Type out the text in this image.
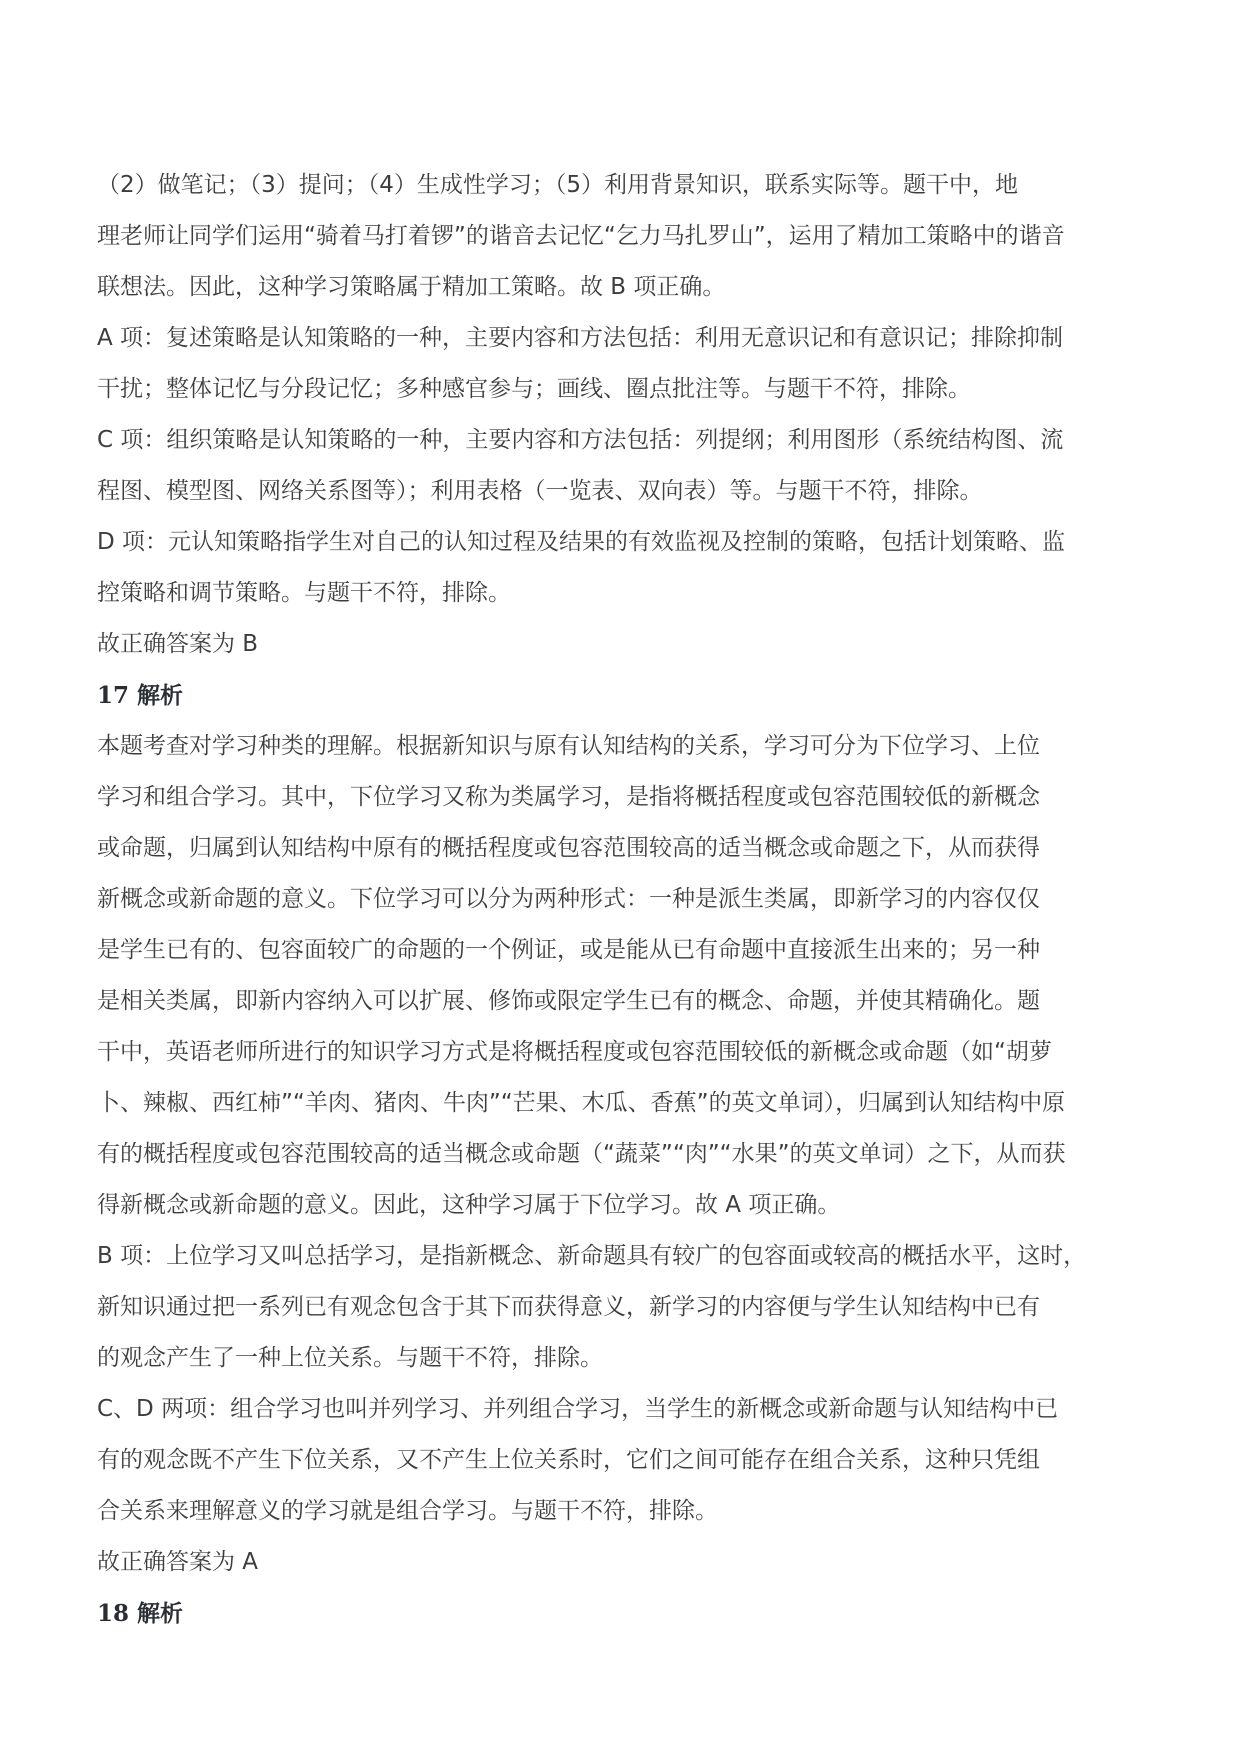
（2）做笔记；（3）提问；（4）生成性学习；（5）利用背景知识，联系实际等。题干中，地
理老师让同学们运用“骑着马打着锣”的谐音去记忆“乞力马扎罗山”，运用了精加工策略中的谐音
联想法。因此，这种学习策略属于精加工策略。故 B 项正确。
A 项：复述策略是认知策略的一种，主要内容和方法包括：利用无意识记和有意识记；排除抑制
干扰；整体记忆与分段记忆；多种感官参与；画线、圈点批注等。与题干不符，排除。
C 项：组织策略是认知策略的一种，主要内容和方法包括：列提纲；利用图形（系统结构图、流
程图、模型图、网络关系图等）；利用表格（一览表、双向表）等。与题干不符，排除。
D 项：元认知策略指学生对自己的认知过程及结果的有效监视及控制的策略，包括计划策略、监
控策略和调节策略。与题干不符，排除。
故正确答案为 B
17 解析
本题考查对学习种类的理解。根据新知识与原有认知结构的关系，学习可分为下位学习、上位
学习和组合学习。其中，下位学习又称为类属学习，是指将概括程度或包容范围较低的新概念
或命题，归属到认知结构中原有的概括程度或包容范围较高的适当概念或命题之下，从而获得
新概念或新命题的意义。下位学习可以分为两种形式：一种是派生类属，即新学习的内容仅仅
是学生已有的、包容面较广的命题的一个例证，或是能从已有命题中直接派生出来的；另一种
是相关类属，即新内容纳入可以扩展、修饰或限定学生已有的概念、命题，并使其精确化。题
干中，英语老师所进行的知识学习方式是将概括程度或包容范围较低的新概念或命题（如“胡萝
卜、辣椒、西红柿”“羊肉、猪肉、牛肉”“芒果、木瓜、香蕉”的英文单词），归属到认知结构中原
有的概括程度或包容范围较高的适当概念或命题（“蔬菜”“肉”“水果”的英文单词）之下，从而获
得新概念或新命题的意义。因此，这种学习属于下位学习。故 A 项正确。
B 项：上位学习又叫总括学习，是指新概念、新命题具有较广的包容面或较高的概括水平，这时，
新知识通过把一系列已有观念包含于其下而获得意义，新学习的内容便与学生认知结构中已有
的观念产生了一种上位关系。与题干不符，排除。
C、D 两项：组合学习也叫并列学习、并列组合学习，当学生的新概念或新命题与认知结构中已
有的观念既不产生下位关系，又不产生上位关系时，它们之间可能存在组合关系，这种只凭组
合关系来理解意义的学习就是组合学习。与题干不符，排除。
故正确答案为 A
18 解析
